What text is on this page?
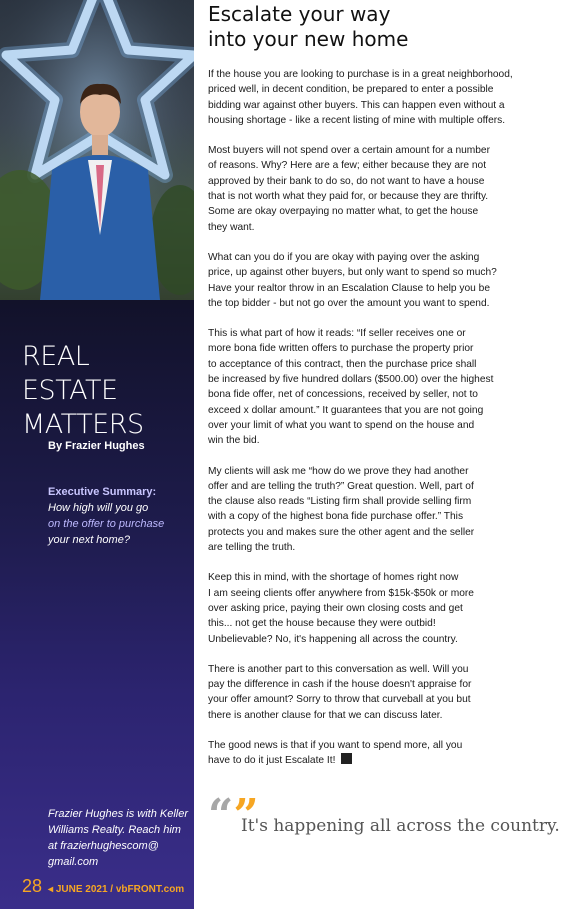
REAL ESTATE
MATTERS
By Frazier Hughes
Executive Summary:
How high will you go
on the offer to purchase
your next home?
Frazier Hughes is with Keller
Williams Realty. Reach him
at frazierhughescom@
gmail.com
28 ◂ JUNE 2021 / vbFRONT.com
Escalate your way
into your new home

If the house you are looking to purchase is in a great neighborhood,
priced well, in decent condition, be prepared to enter a possible
bidding war against other buyers. This can happen even without a
housing shortage - like a recent listing of mine with multiple offers.

Most buyers will not spend over a certain amount for a number
of reasons. Why? Here are a few; either because they are not
approved by their bank to do so, do not want to have a house
that is not worth what they paid for, or because they are thrifty.
Some are okay overpaying no matter what, to get the house
they want.

What can you do if you are okay with paying over the asking
price, up against other buyers, but only want to spend so much?
Have your realtor throw in an Escalation Clause to help you be
the top bidder - but not go over the amount you want to spend.

This is what part of how it reads: “If seller receives one or
more bona fide written offers to purchase the property prior
to acceptance of this contract, then the purchase price shall
be increased by five hundred dollars ($500.00) over the highest
bona fide offer, net of concessions, received by seller, not to
exceed x dollar amount.” It guarantees that you are not going
over your limit of what you want to spend on the house and
win the bid.

My clients will ask me “how do we prove they had another
offer and are telling the truth?” Great question. Well, part of
the clause also reads “Listing firm shall provide selling firm
with a copy of the highest bona fide purchase offer.” This
protects you and makes sure the other agent and the seller
are telling the truth.

Keep this in mind, with the shortage of homes right now
I am seeing clients offer anywhere from $15k-$50k or more
over asking price, paying their own closing costs and get
this... not get the house because they were outbid!
Unbelievable? No, it's happening all across the country.

There is another part to this conversation as well. Will you
pay the difference in cash if the house doesn't appraise for
your offer amount? Sorry to throw that curveball at you but
there is another clause for that we can discuss later.

The good news is that if you want to spend more, all you
have to do it just Escalate It!

“”
It's happening all across the country.
